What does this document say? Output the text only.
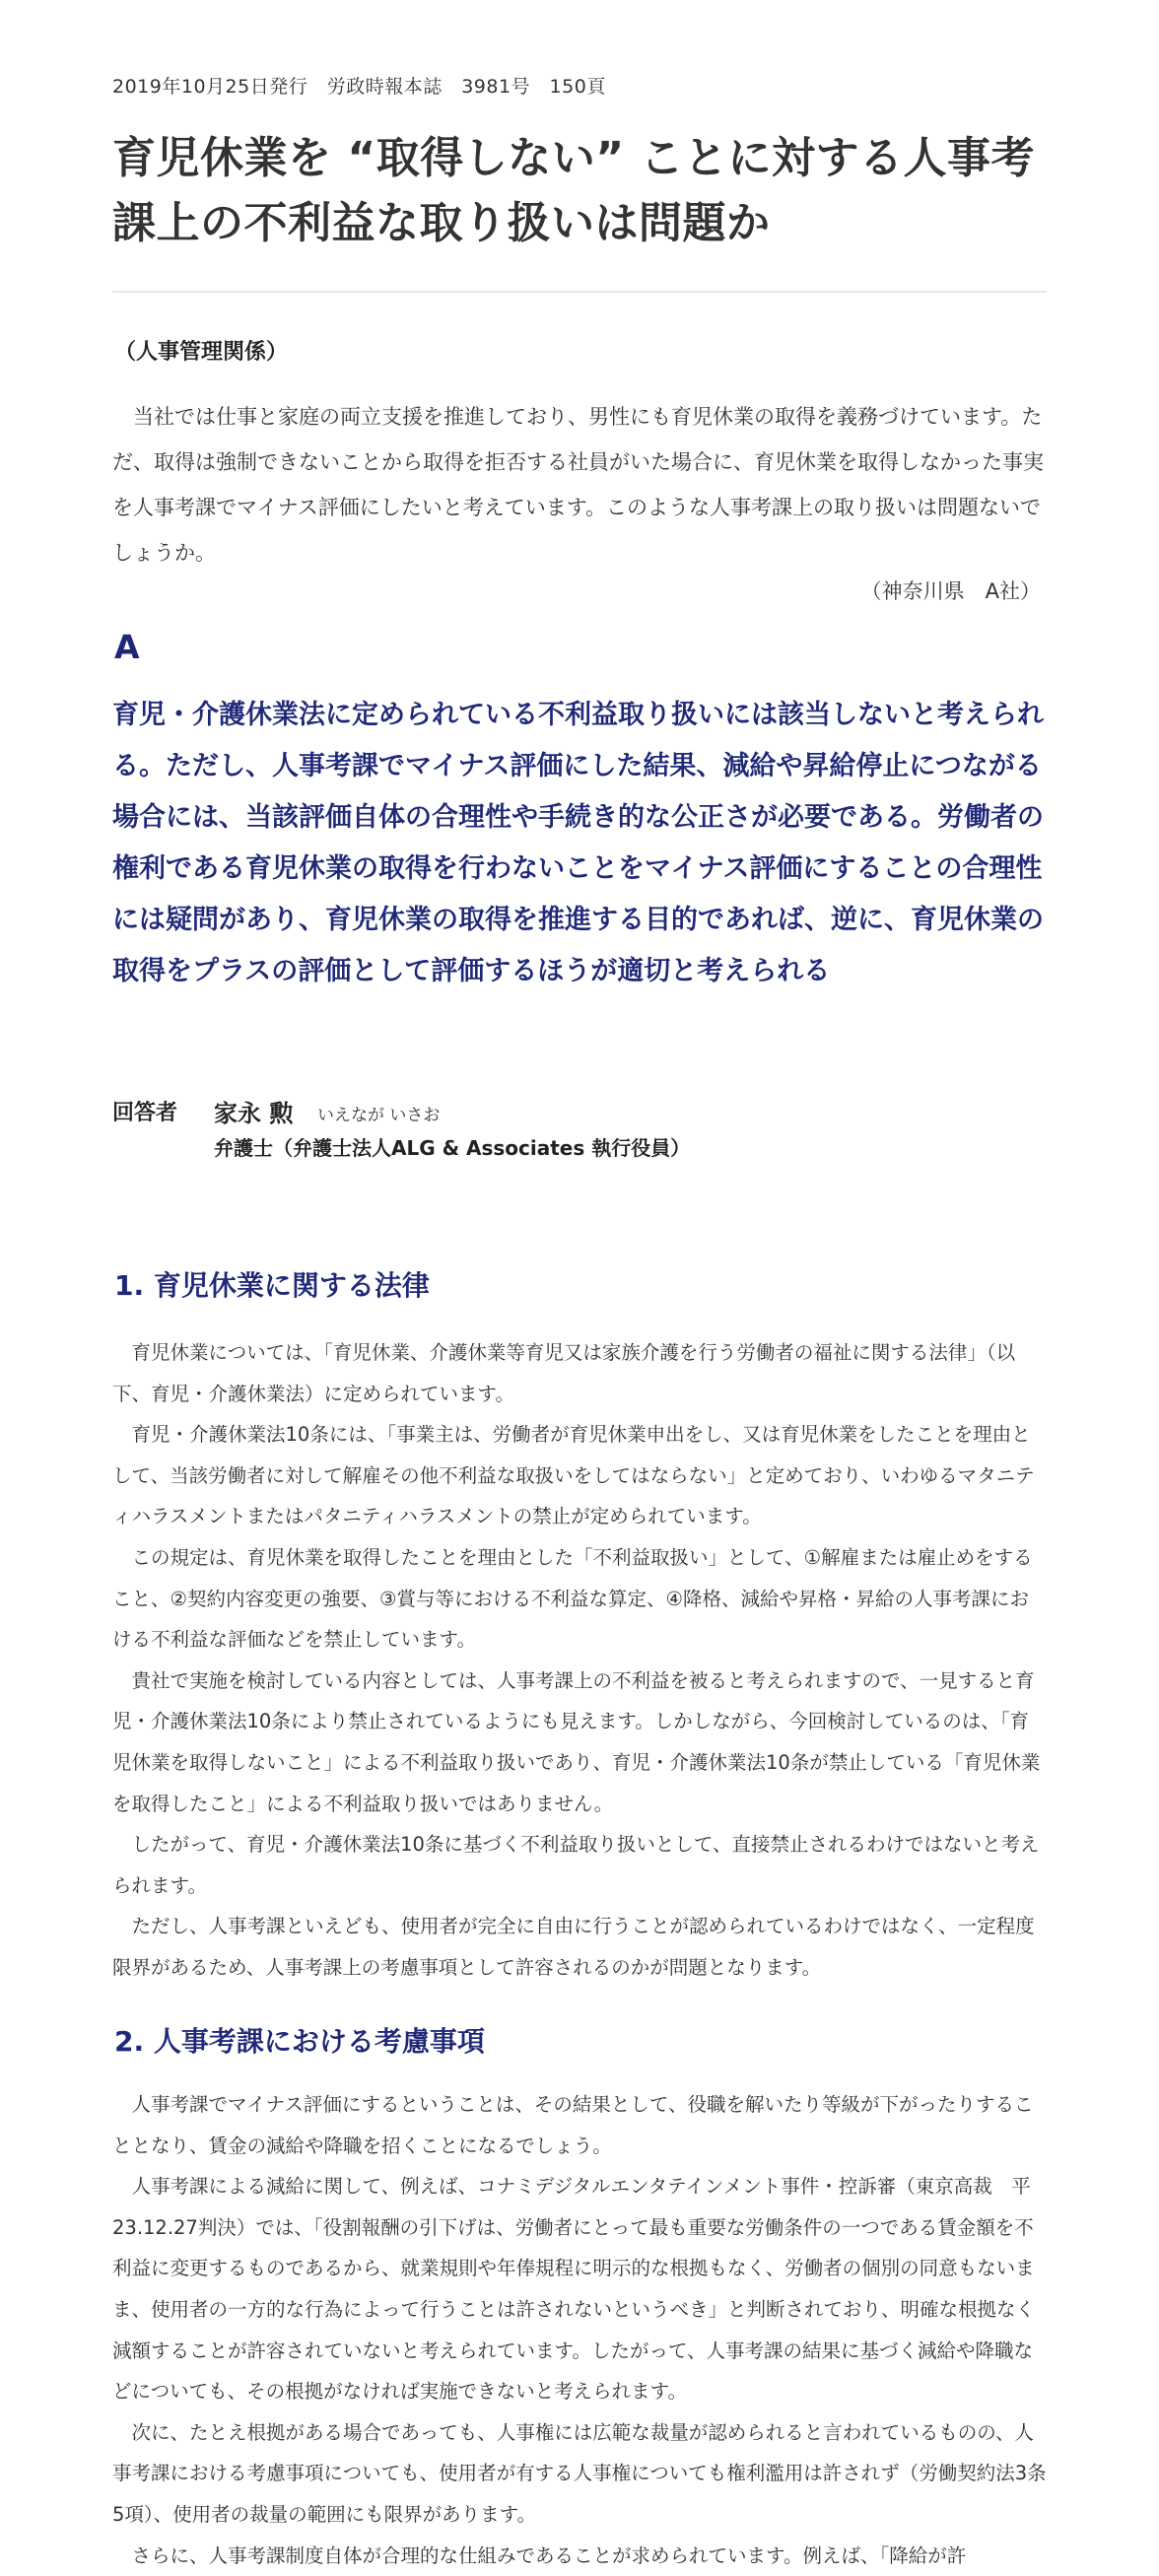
2019年10月25日発行　労政時報本誌　3981号　150頁
育児休業を “取得しない” ことに対する人事考課上の不利益な取り扱いは問題か
（人事管理関係）

当社では仕事と家庭の両立支援を推進しており、男性にも育児休業の取得を義務づけています。ただ、取得は強制できないことから取得を拒否する社員がいた場合に、育児休業を取得しなかった事実を人事考課でマイナス評価にしたいと考えています。このような人事考課上の取り扱いは問題ないでしょうか。

（神奈川県　A社）
A

育児・介護休業法に定められている不利益取り扱いには該当しないと考えられる。ただし、人事考課でマイナス評価にした結果、減給や昇給停止につながる場合には、当該評価自体の合理性や手続き的な公正さが必要である。労働者の権利である育児休業の取得を行わないことをマイナス評価にすることの合理性には疑問があり、育児休業の取得を推進する目的であれば、逆に、育児休業の取得をプラスの評価として評価するほうが適切と考えられる

回答者 家永 勲 いえなが いさお
弁護士（弁護士法人ALG & Associates 執行役員）
1. 育児休業に関する法律

育児休業については、「育児休業、介護休業等育児又は家族介護を行う労働者の福祉に関する法律」（以下、育児・介護休業法）に定められています。

育児・介護休業法10条には、「事業主は、労働者が育児休業申出をし、又は育児休業をしたことを理由として、当該労働者に対して解雇その他不利益な取扱いをしてはならない」と定めており、いわゆるマタニティハラスメントまたはパタニティハラスメントの禁止が定められています。

この規定は、育児休業を取得したことを理由とした「不利益取扱い」として、①解雇または雇止めをすること、②契約内容変更の強要、③賞与等における不利益な算定、④降格、減給や昇格・昇給の人事考課における不利益な評価などを禁止しています。

貴社で実施を検討している内容としては、人事考課上の不利益を被ると考えられますので、一見すると育児・介護休業法10条により禁止されているようにも見えます。しかしながら、今回検討しているのは、「育児休業を取得しないこと」による不利益取り扱いであり、育児・介護休業法10条が禁止している「育児休業を取得したこと」による不利益取り扱いではありません。

したがって、育児・介護休業法10条に基づく不利益取り扱いとして、直接禁止されるわけではないと考えられます。

ただし、人事考課といえども、使用者が完全に自由に行うことが認められているわけではなく、一定程度限界があるため、人事考課上の考慮事項として許容されるのかが問題となります。

2. 人事考課における考慮事項

人事考課でマイナス評価にするということは、その結果として、役職を解いたり等級が下がったりすることとなり、賃金の減給や降職を招くことになるでしょう。

人事考課による減給に関して、例えば、コナミデジタルエンタテインメント事件・控訴審（東京高裁　平23.12.27判決）では、「役割報酬の引下げは、労働者にとって最も重要な労働条件の一つである賃金額を不利益に変更するものであるから、就業規則や年俸規程に明示的な根拠もなく、労働者の個別の同意もないまま、使用者の一方的な行為によって行うことは許されないというべき」と判断されており、明確な根拠なく減額することが許容されていないと考えられています。したがって、人事考課の結果に基づく減給や降職などについても、その根拠がなければ実施できないと考えられます。

次に、たとえ根拠がある場合であっても、人事権には広範な裁量が認められると言われているものの、人事考課における考慮事項についても、使用者が有する人事権についても権利濫用は許されず（労働契約法3条5項）、使用者の裁量の範囲にも限界があります。

さらに、人事考課制度自体が合理的な仕組みであることが求められています。例えば、「降給が許
